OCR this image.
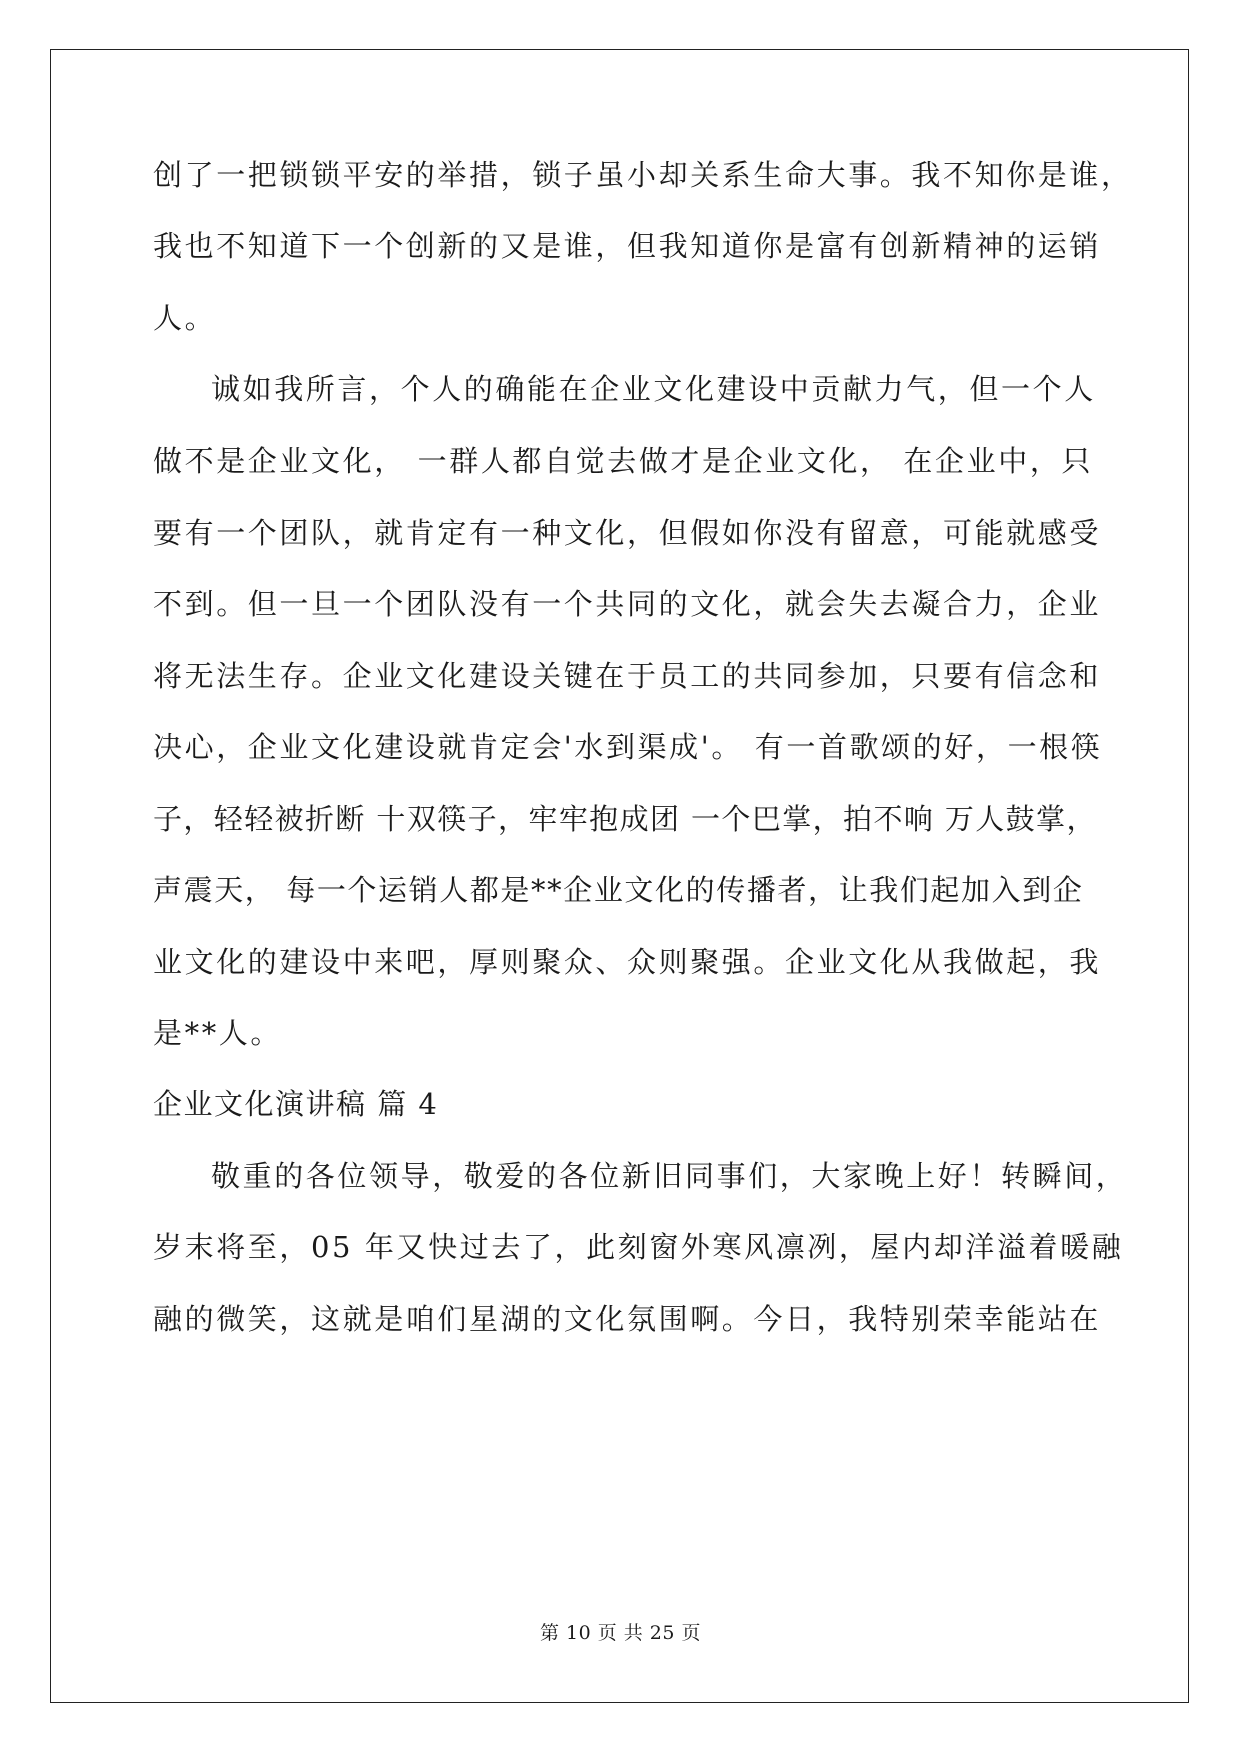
创了一把锁锁平安的举措，锁子虽小却关系生命大事。我不知你是谁，
我也不知道下一个创新的又是谁，但我知道你是富有创新精神的运销
人。
诚如我所言，个人的确能在企业文化建设中贡献力气，但一个人
做不是企业文化， 一群人都自觉去做才是企业文化， 在企业中，只
要有一个团队，就肯定有一种文化，但假如你没有留意，可能就感受
不到。但一旦一个团队没有一个共同的文化，就会失去凝合力，企业
将无法生存。企业文化建设关键在于员工的共同参加，只要有信念和
决心，企业文化建设就肯定会'水到渠成'。 有一首歌颂的好，一根筷
子，轻轻被折断 十双筷子，牢牢抱成团 一个巴掌，拍不响 万人鼓掌，
声震天， 每一个运销人都是**企业文化的传播者，让我们起加入到企
业文化的建设中来吧，厚则聚众、众则聚强。企业文化从我做起，我
是**人。
企业文化演讲稿 篇 4
敬重的各位领导，敬爱的各位新旧同事们，大家晚上好！转瞬间，
岁末将至，05 年又快过去了，此刻窗外寒风凛冽，屋内却洋溢着暖融
融的微笑，这就是咱们星湖的文化氛围啊。今日，我特别荣幸能站在
第 10 页 共 25 页
